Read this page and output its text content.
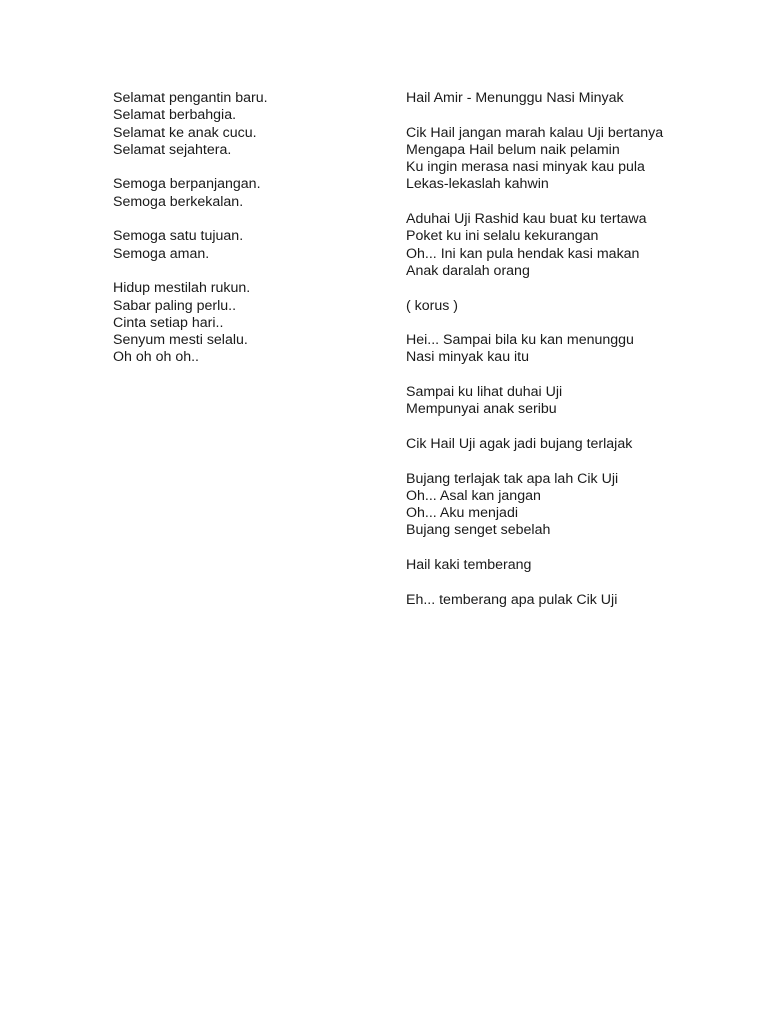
Selamat pengantin baru.
Selamat berbahgia.
Selamat ke anak cucu.
Selamat sejahtera.
Semoga berpanjangan.
Semoga berkekalan.
Semoga satu tujuan.
Semoga aman.
Hidup mestilah rukun.
Sabar paling perlu..
Cinta setiap hari..
Senyum mesti selalu.
Oh oh oh oh..
Hail Amir - Menunggu Nasi Minyak
Cik Hail jangan marah kalau Uji bertanya
Mengapa Hail belum naik pelamin
Ku ingin merasa nasi minyak kau pula
Lekas-lekaslah kahwin
Aduhai Uji Rashid kau buat ku tertawa
Poket ku ini selalu kekurangan
Oh... Ini kan pula hendak kasi makan
Anak daralah orang
( korus )
Hei... Sampai bila ku kan menunggu
Nasi minyak kau itu
Sampai ku lihat duhai Uji
Mempunyai anak seribu
Cik Hail Uji agak jadi bujang terlajak
Bujang terlajak tak apa lah Cik Uji
Oh... Asal kan jangan
Oh... Aku menjadi
Bujang senget sebelah
Hail kaki temberang
Eh... temberang apa pulak Cik Uji
